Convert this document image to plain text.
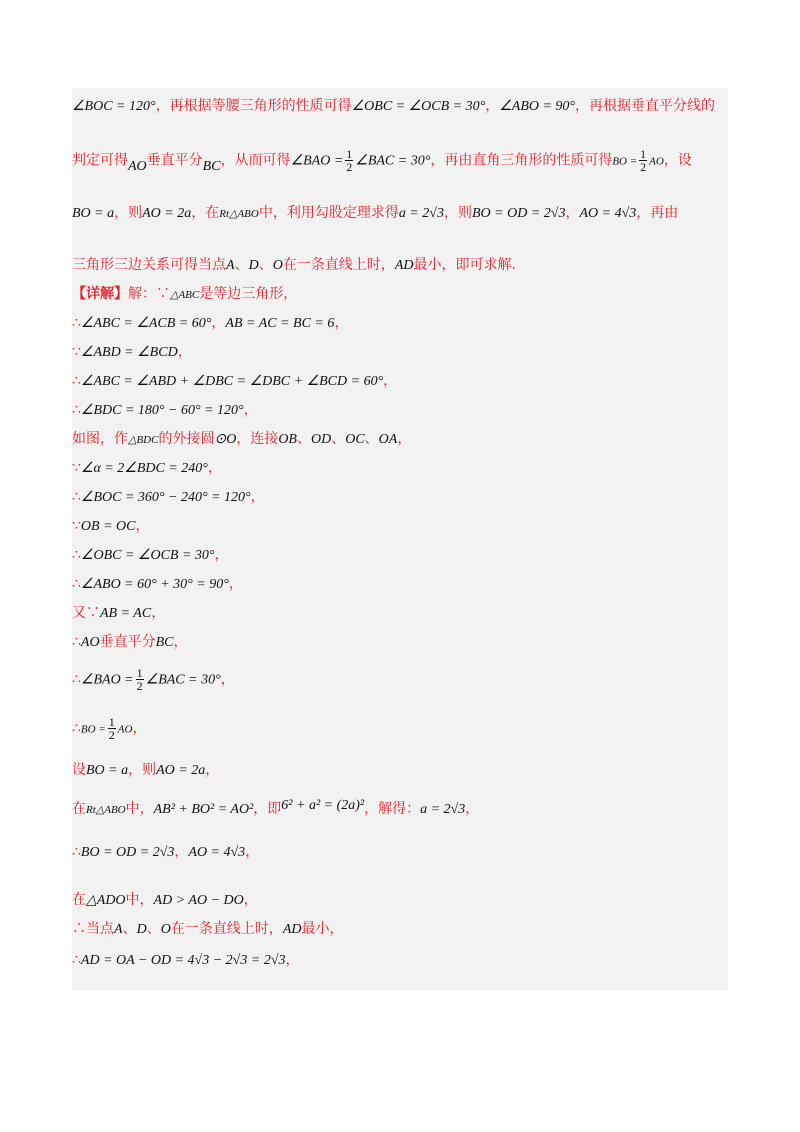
∠BOC = 120°，再根据等腰三角形的性质可得∠OBC = ∠OCB = 30°，∠ABO = 90°，再根据垂直平分线的
判定可得AO垂直平分BC，从而可得∠BAO = $\frac{1}{2}$ ∠BAC = 30°，再由直角三角形的性质可得BO = $\frac{1}{2}$ AO，设
BO = a，则AO = 2a，在Rt△ABO中，利用勾股定理求得a = 2√3，则BO = OD = 2√3，AO = 4√3，再由
三角形三边关系可得当点A、D、O在一条直线上时，AD最小，即可求解.
【详解】解：∵△ABC是等边三角形，
∴∠ABC = ∠ACB = 60°，AB = AC = BC = 6，
∵∠ABD = ∠BCD，
∴∠ABC = ∠ABD + ∠DBC = ∠DBC + ∠BCD = 60°，
∴∠BDC = 180° − 60° = 120°，
如图，作△BDC的外接圆⊙O，连接OB、OD、OC、OA，
∵∠α = 2∠BDC = 240°，
∴∠BOC = 360° − 240° = 120°，
∵OB = OC，
∴∠OBC = ∠OCB = 30°，
∴∠ABO = 60° + 30° = 90°，
又∵AB = AC，
∴AO垂直平分BC，
∴∠BAO = $\frac{1}{2}$ ∠BAC = 30°，
∴BO = $\frac{1}{2}$ AO，
设BO = a，则AO = 2a，
在Rt△ABO中，AB² + BO² = AO²，即6² + a² = (2a)²，解得：a = 2√3，
∴BO = OD = 2√3，AO = 4√3，
在△ADO中，AD > AO − DO，
∴当点A、D、O在一条直线上时，AD最小，
∴AD = OA − OD = 4√3 − 2√3 = 2√3，
